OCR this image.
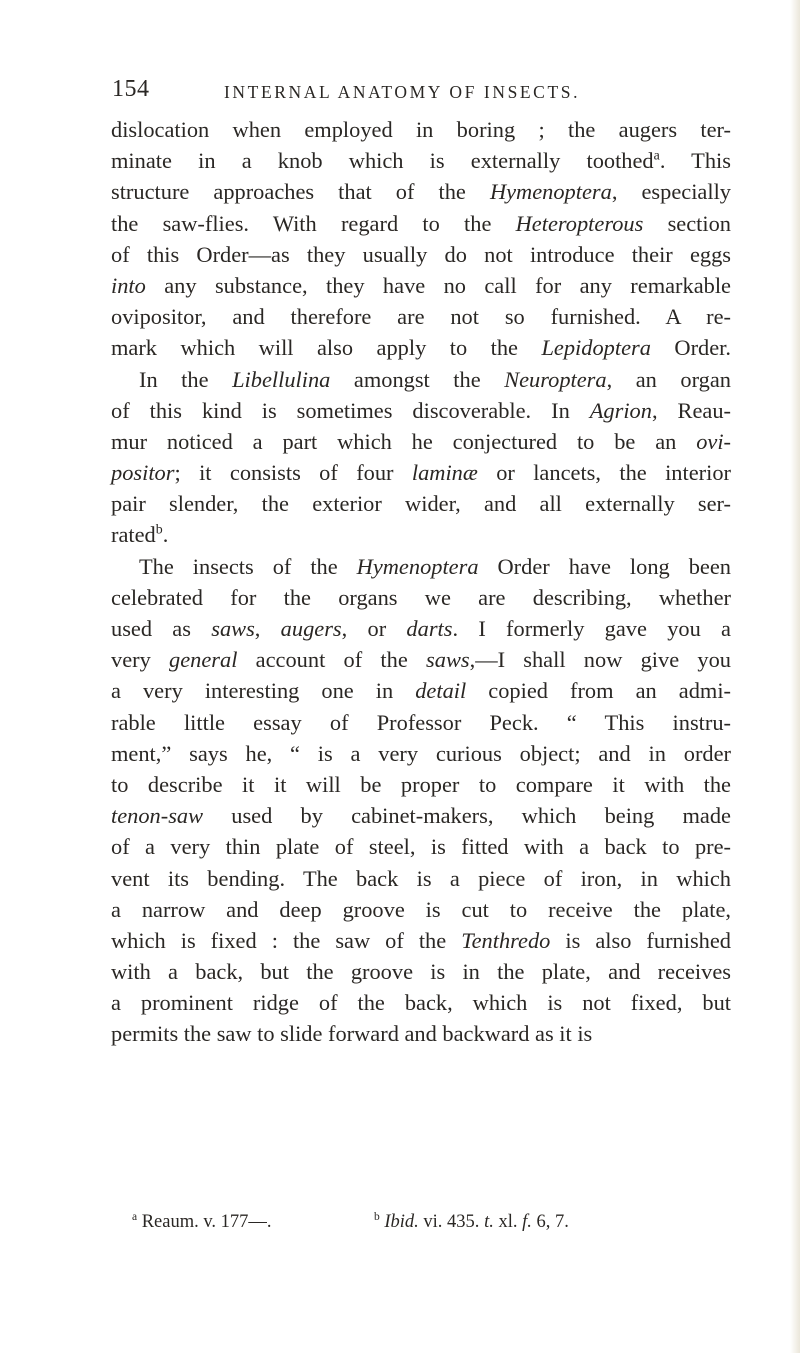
154	INTERNAL ANATOMY OF INSECTS.
dislocation when employed in boring ; the augers ter-
minate in a knob which is externally toothed$^a$. This
structure approaches that of the Hymenoptera, especially
the saw-flies. With regard to the Heteropterous section
of this Order—as they usually do not introduce their eggs
into any substance, they have no call for any remarkable
ovipositor, and therefore are not so furnished. A re-
mark which will also apply to the Lepidoptera Order.
In the Libellulina amongst the Neuroptera, an organ
of this kind is sometimes discoverable. In Agrion, Reau-
mur noticed a part which he conjectured to be an ovi-
positor; it consists of four laminæ or lancets, the interior
pair slender, the exterior wider, and all externally ser-
rated$^b$.
The insects of the Hymenoptera Order have long been
celebrated for the organs we are describing, whether
used as saws, augers, or darts. I formerly gave you a
very general account of the saws,—I shall now give you
a very interesting one in detail copied from an admi-
rable little essay of Professor Peck. “ This instru-
ment,” says he, “ is a very curious object; and in order
to describe it it will be proper to compare it with the
tenon-saw used by cabinet-makers, which being made
of a very thin plate of steel, is fitted with a back to pre-
vent its bending. The back is a piece of iron, in which
a narrow and deep groove is cut to receive the plate,
which is fixed : the saw of the Tenthredo is also furnished
with a back, but the groove is in the plate, and receives
a prominent ridge of the back, which is not fixed, but
permits the saw to slide forward and backward as it is
$^a$ Reaum. v. 177—.	$^b$ Ibid. vi. 435. t. xl. f. 6, 7.
